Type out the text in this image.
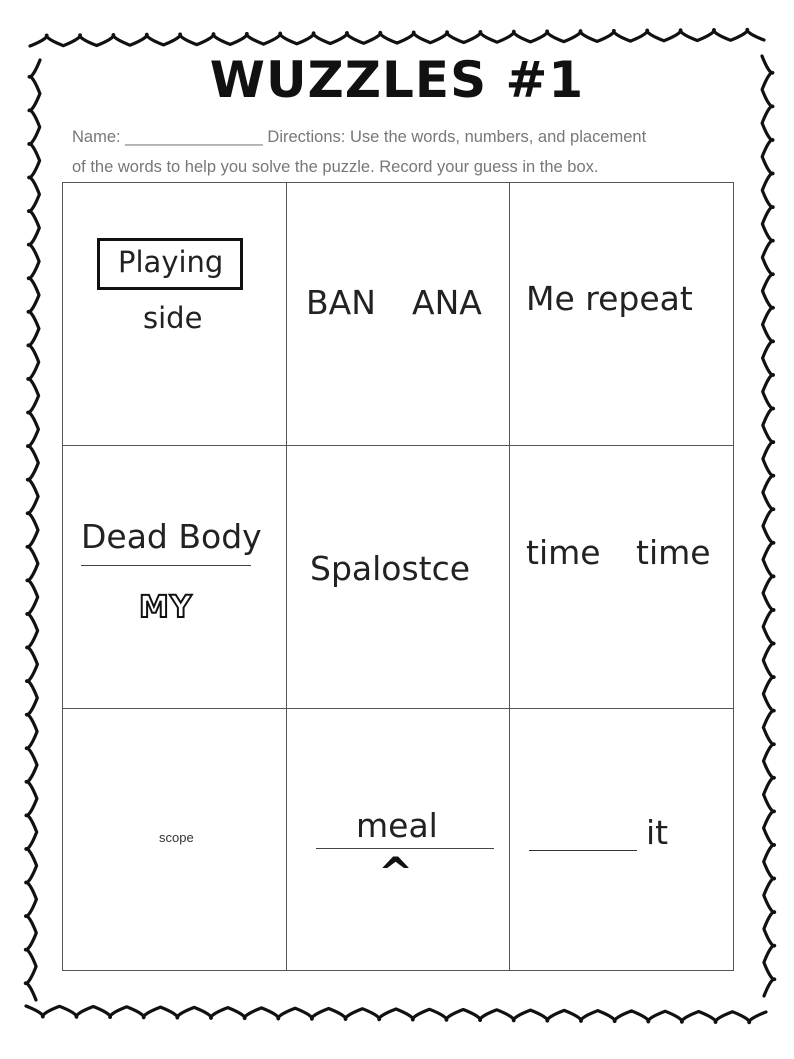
WUZZLES #1
Name: _______________ Directions: Use the words, numbers, and placement
of the words to help you solve the puzzle. Record your guess in the box.
Playing
side	BAN ANA Me repeat
Dead Body
MY
Spalostce time time
scope	meal
^
it
